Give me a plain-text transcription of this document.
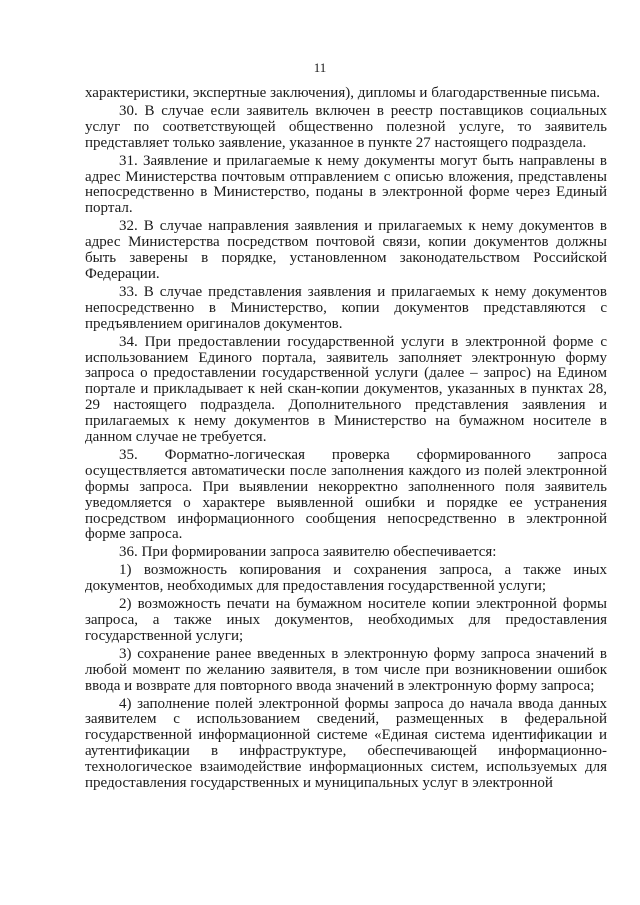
11

характеристики, экспертные заключения), дипломы и благодарственные письма.

30. В случае если заявитель включен в реестр поставщиков социальных услуг по соответствующей общественно полезной услуге, то заявитель представляет только заявление, указанное в пункте 27 настоящего подраздела.

31. Заявление и прилагаемые к нему документы могут быть направлены в адрес Министерства почтовым отправлением с описью вложения, представлены непосредственно в Министерство, поданы в электронной форме через Единый портал.

32. В случае направления заявления и прилагаемых к нему документов в адрес Министерства посредством почтовой связи, копии документов должны быть заверены в порядке, установленном законодательством Российской Федерации.

33. В случае представления заявления и прилагаемых к нему документов непосредственно в Министерство, копии документов представляются с предъявлением оригиналов документов.

34. При предоставлении государственной услуги в электронной форме с использованием Единого портала, заявитель заполняет электронную форму запроса о предоставлении государственной услуги (далее – запрос) на Едином портале и прикладывает к ней скан-копии документов, указанных в пунктах 28, 29 настоящего подраздела. Дополнительного представления заявления и прилагаемых к нему документов в Министерство на бумажном носителе в данном случае не требуется.

35. Форматно-логическая проверка сформированного запроса осуществляется автоматически после заполнения каждого из полей электронной формы запроса. При выявлении некорректно заполненного поля заявитель уведомляется о характере выявленной ошибки и порядке ее устранения посредством информационного сообщения непосредственно в электронной форме запроса.

36. При формировании запроса заявителю обеспечивается:

1) возможность копирования и сохранения запроса, а также иных документов, необходимых для предоставления государственной услуги;

2) возможность печати на бумажном носителе копии электронной формы запроса, а также иных документов, необходимых для предоставления государственной услуги;

3) сохранение ранее введенных в электронную форму запроса значений в любой момент по желанию заявителя, в том числе при возникновении ошибок ввода и возврате для повторного ввода значений в электронную форму запроса;

4) заполнение полей электронной формы запроса до начала ввода данных заявителем с использованием сведений, размещенных в федеральной государственной информационной системе «Единая система идентификации и аутентификации в инфраструктуре, обеспечивающей информационно-технологическое взаимодействие информационных систем, используемых для предоставления государственных и муниципальных услуг в электронной
